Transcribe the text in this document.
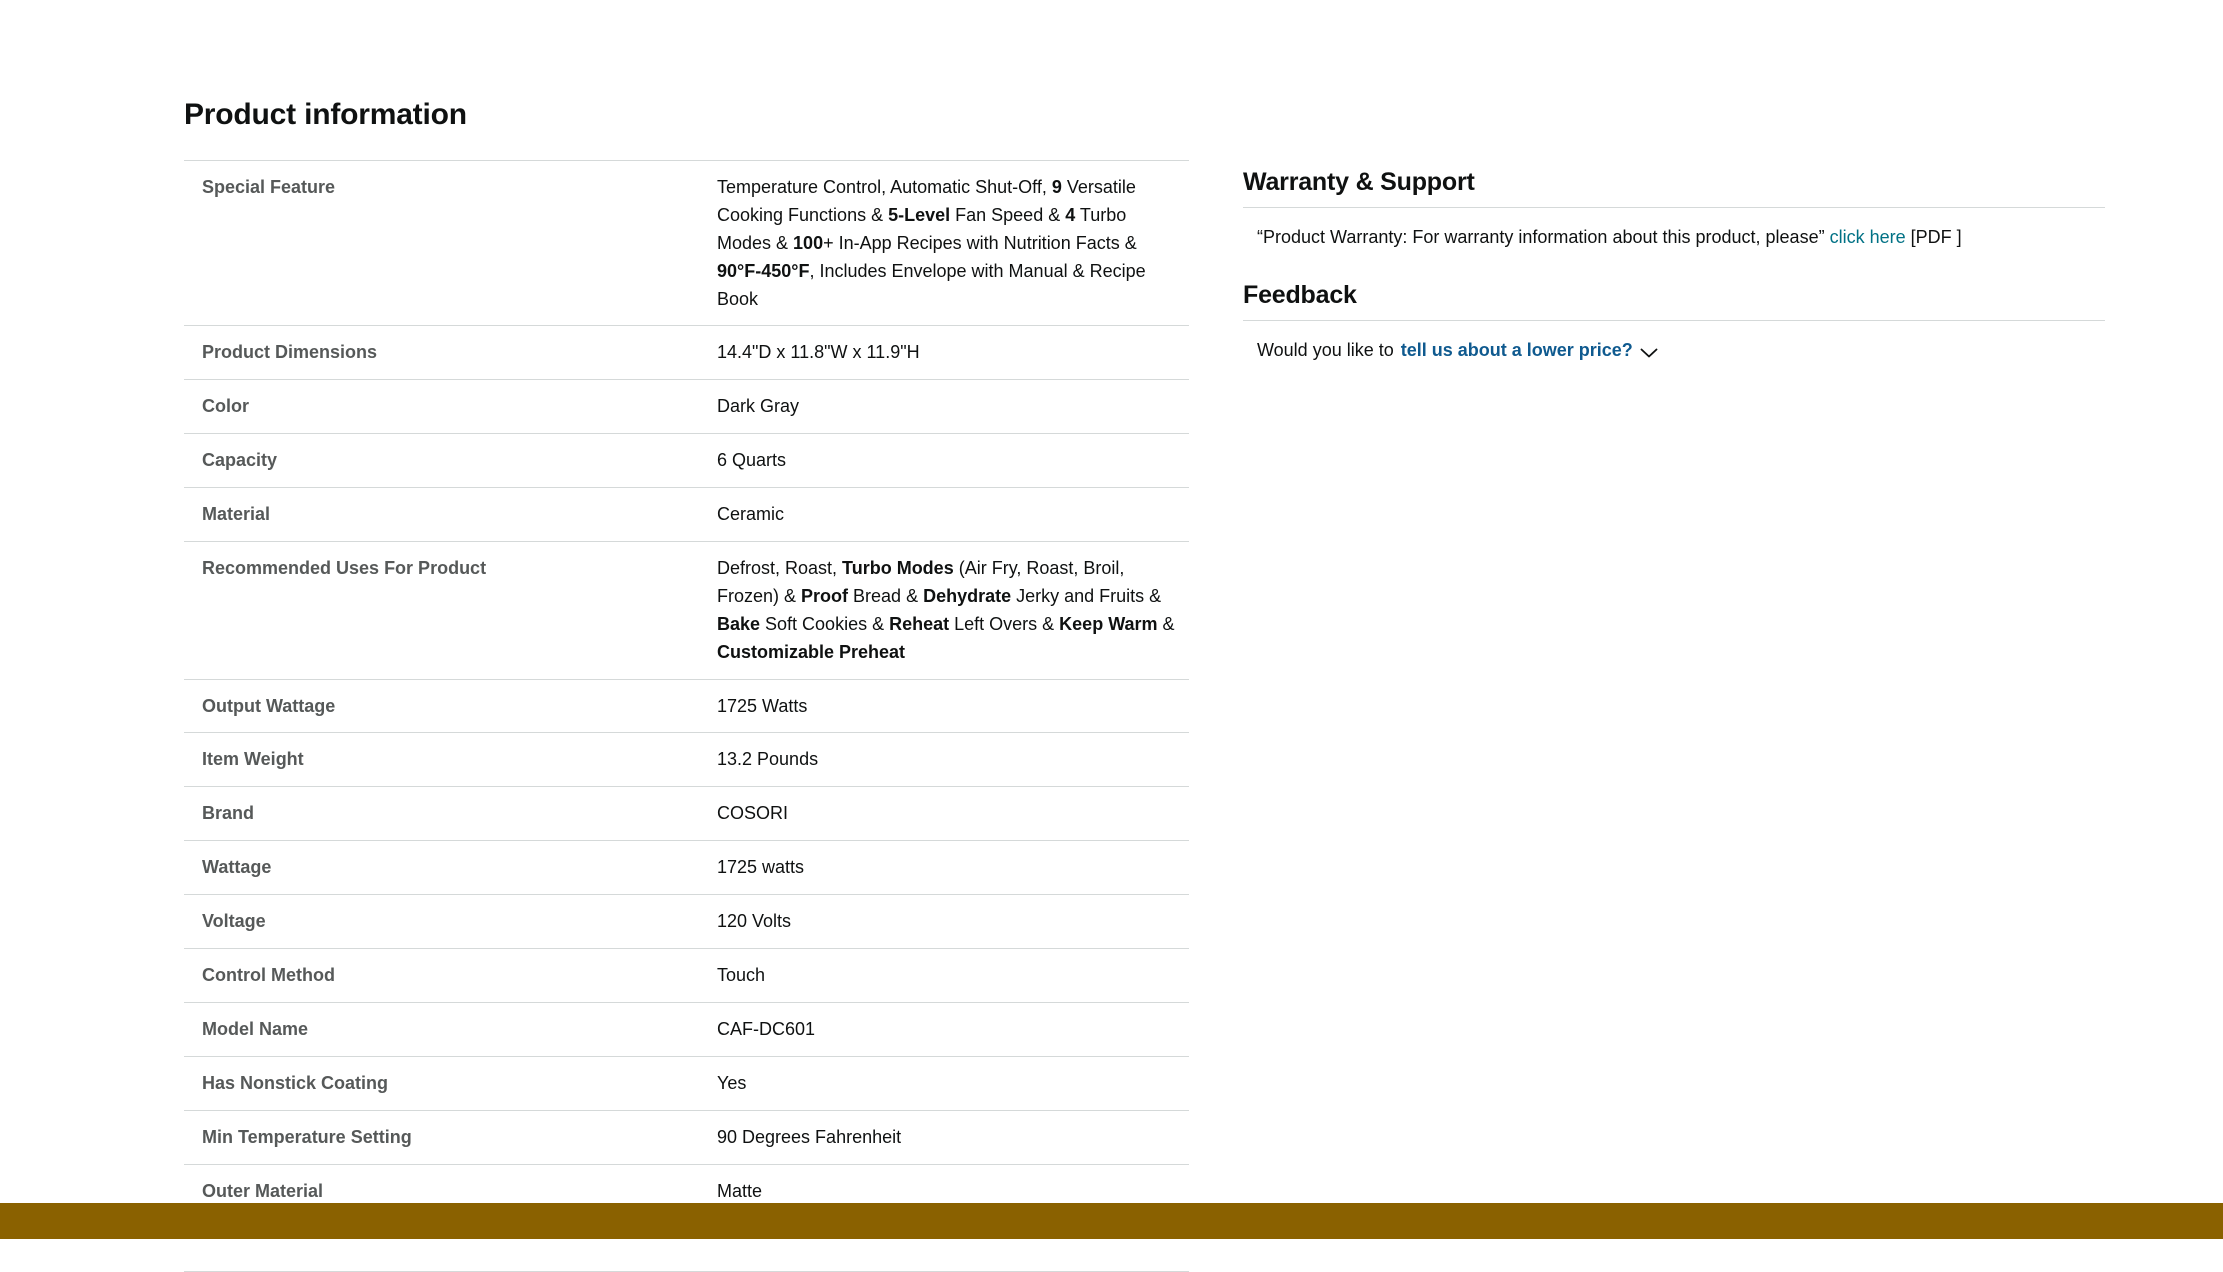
Product information
Special Feature	Temperature Control, Automatic Shut-Off, 9 Versatile Cooking Functions & 5-Level Fan Speed & 4 Turbo Modes & 100+ In-App Recipes with Nutrition Facts & 90°F-450°F, Includes Envelope with Manual & Recipe Book
Product Dimensions	14.4"D x 11.8"W x 11.9"H
Color	Dark Gray
Capacity	6 Quarts
Material	Ceramic
Recommended Uses For Product	Defrost, Roast, Turbo Modes (Air Fry, Roast, Broil, Frozen) & Proof Bread & Dehydrate Jerky and Fruits & Bake Soft Cookies & Reheat Left Overs & Keep Warm & Customizable Preheat
Output Wattage	1725 Watts
Item Weight	13.2 Pounds
Brand	COSORI
Wattage	1725 watts
Voltage	120 Volts
Control Method	Touch
Model Name	CAF-DC601
Has Nonstick Coating	Yes
Min Temperature Setting	90 Degrees Fahrenheit
Outer Material	Matte

Warranty & Support
“Product Warranty: For warranty information about this product, please” click here [PDF ]
Feedback
Would you like to tell us about a lower price?
